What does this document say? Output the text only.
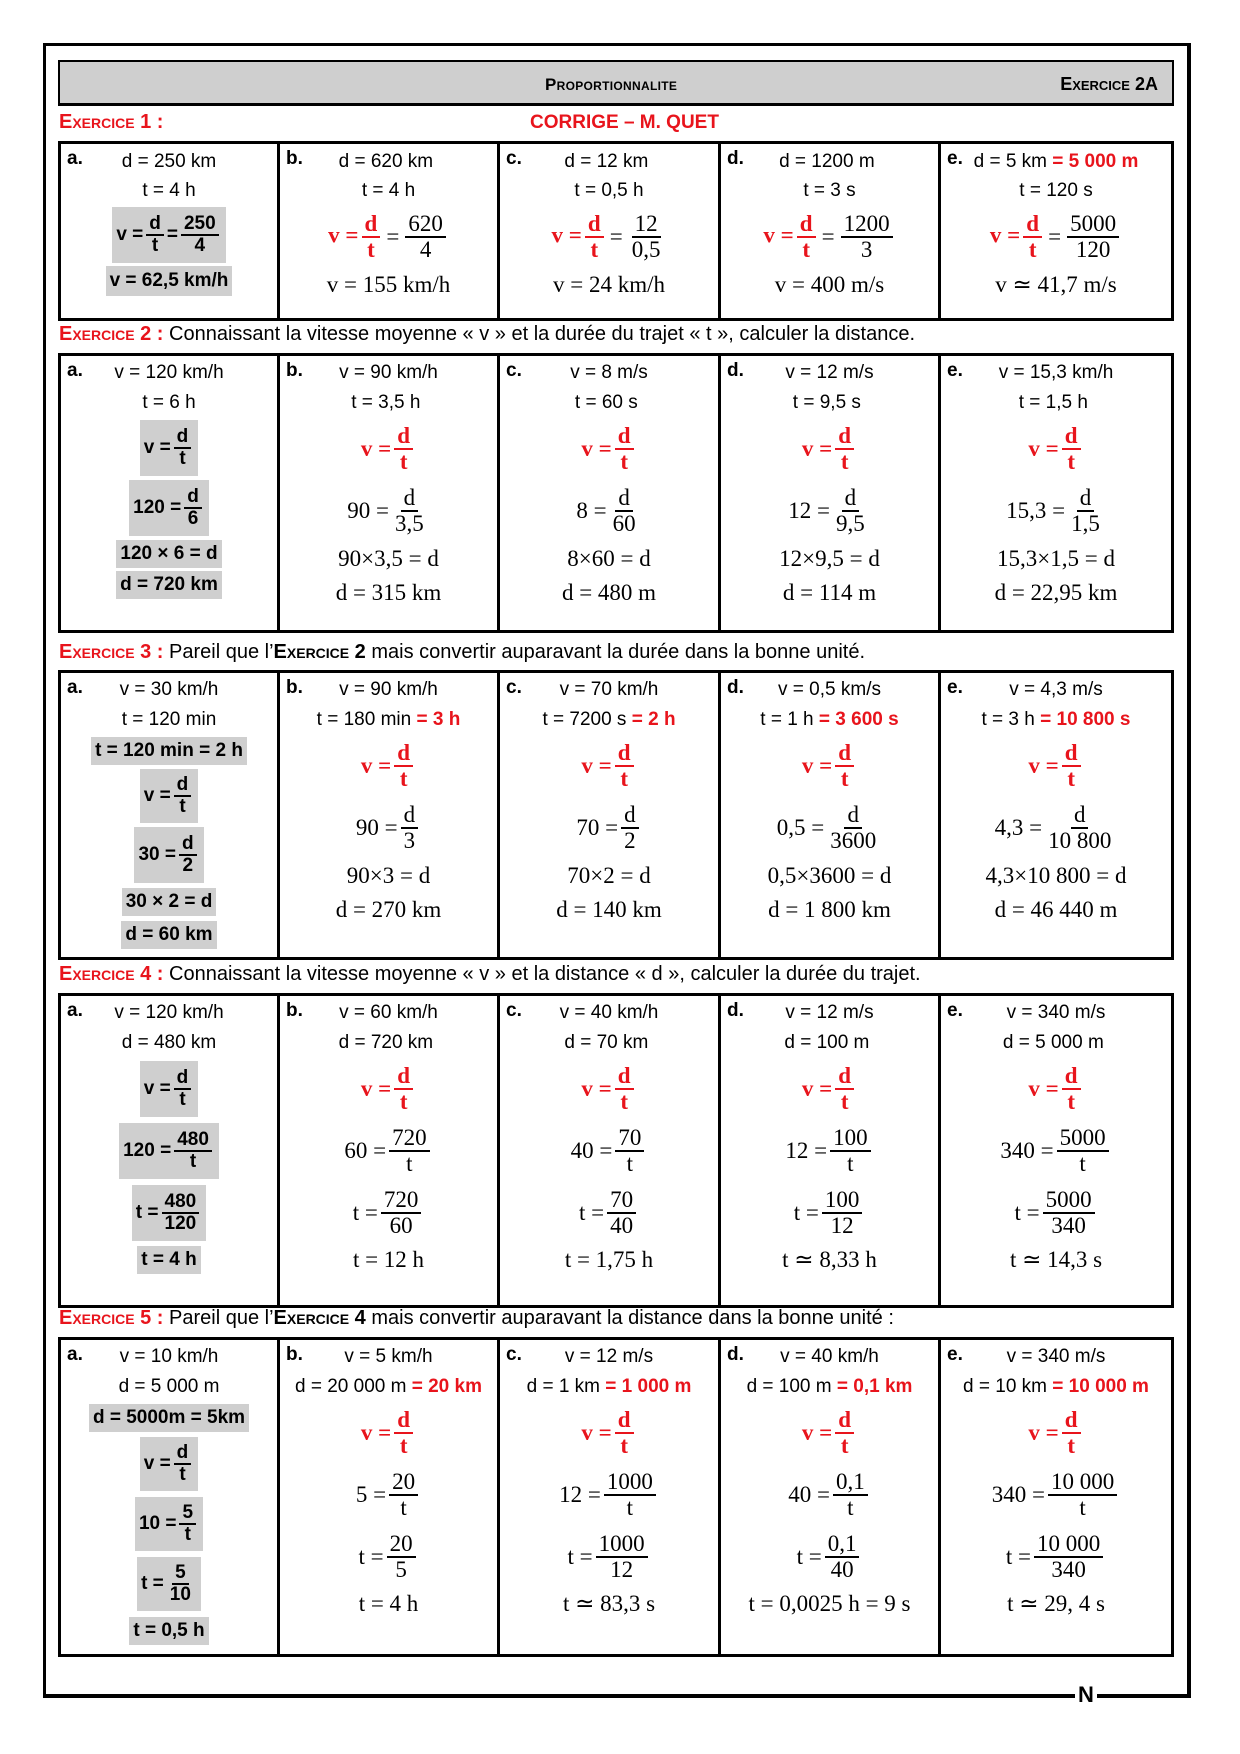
N
Proportionnalite	Exercice 2A
Exercice 1 :	CORRIGE – M. QUET
a.	d = 250 km
t = 4 h
$v = \frac{d}{t} = \frac{250}{4}$
v = 62,5 km/h

b. d = 620 km

t = 4 h
$v = \frac{d}{t} = \frac{620}{4}$
v = 155 km/h

c. d = 12 km

t = 0,5 h
$v = \frac{d}{t} = \frac{12}{0,5}$
v = 24 km/h

d. d = 1200 m

t = 3 s
$v = \frac{d}{t} = \frac{1200}{3}$
v = 400 m/s

e. d = 5 km
= 5 000 m
t = 120 s
$v = \frac{d}{t} = \frac{5000}{120}$
v ≃ 41,7 m/s
Exercice 2 : Connaissant la vitesse moyenne « v » et la durée du trajet « t », calculer la distance.
a.	v = 120 km/h
t = 6 h
$v = \frac{d}{t}$
$120 = \frac{d}{6}$
120 × 6 = d
d = 720 km

b.	v = 90 km/h
t = 3,5 h

$v = \frac{d}{t}$
$90 = \frac{d}{3,5}$
90×3,5 = d
d = 315 km

c.	v = 8 m/s
t = 60 s

$v = \frac{d}{t}$
$8 = \frac{d}{60}$
8×60 = d
d = 480 m

d.	v = 12 m/s
t = 9,5 s

$v = \frac{d}{t}$
$12 = \frac{d}{9,5}$
12×9,5 = d
d = 114 m

e.	v = 15,3 km/h
t = 1,5 h

$v = \frac{d}{t}$
$15,3 = \frac{d}{1,5}$
15,3×1,5 = d
d = 22,95 km
Exercice 3 : Pareil que l’Exercice 2 mais convertir auparavant la durée dans la bonne unité.
a.	v = 30 km/h
t = 120 min
t = 120 min = 2 h
$v = \frac{d}{t}$
$30 = \frac{d}{2}$
30 × 2 = d
d = 60 km

b.	v = 90 km/h
t = 180 min
= 3 h
$v = \frac{d}{t}$
$90 = \frac{d}{3}$
90×3 = d
d = 270 km

c.	v = 70 km/h
t = 7200 s
= 2 h
$v = \frac{d}{t}$
$70 = \frac{d}{2}$
70×2 = d
d = 140 km

d.	v = 0,5 km/s
t = 1 h
= 3 600 s
$v = \frac{d}{t}$
$0,5 = \frac{d}{3600}$
0,5×3600 = d
d = 1 800 km

e.	v = 4,3 m/s
t = 3 h
= 10 800 s
$v = \frac{d}{t}$
$4,3 = \frac{d}{10 800}$
4,3×10 800 = d
d = 46 440 m
Exercice 4 : Connaissant la vitesse moyenne « v » et la distance « d », calculer la durée du trajet.
a.	v = 120 km/h
d = 480 km
$v = \frac{d}{t}$
$120 = \frac{480}{t}$
$t = \frac{480}{120}$
t = 4 h

b.	v = 60 km/h
d = 720 km

$v = \frac{d}{t}$
$60 = \frac{720}{t}$
$t = \frac{720}{60}$
t = 12 h

c.	v = 40 km/h
d = 70 km

$v = \frac{d}{t}$
$40 = \frac{70}{t}$
$t = \frac{70}{40}$
t = 1,75 h

d.	v = 12 m/s
d = 100 m

$v = \frac{d}{t}$
$12 = \frac{100}{t}$
$t = \frac{100}{12}$
t ≃ 8,33 h

e.	v = 340 m/s
d = 5 000 m

$v = \frac{d}{t}$
$340 = \frac{5000}{t}$
$t = \frac{5000}{340}$
t ≃ 14,3 s
Exercice 5 : Pareil que l’Exercice 4 mais convertir auparavant la distance dans la bonne unité :
a.	v = 10 km/h
d = 5 000 m
d = 5000m = 5km
$v = \frac{d}{t}$
$10 = \frac{5}{t}$
$t = \frac{5}{10}$
t = 0,5 h

b.	v = 5 km/h
d = 20 000 m
= 20 km
$v = \frac{d}{t}$
$5 = \frac{20}{t}$
$t = \frac{20}{5}$
t = 4 h

c.	v = 12 m/s
d = 1 km
= 1 000 m
$v = \frac{d}{t}$
$12 = \frac{1000}{t}$
$t = \frac{1000}{12}$
t ≃ 83,3 s

d.	v = 40 km/h
d = 100 m
= 0,1 km
$v = \frac{d}{t}$
$40 = \frac{0,1}{t}$
$t = \frac{0,1}{40}$
t = 0,0025 h = 9 s

e.	v = 340 m/s
d = 10 km
= 10 000 m
$v = \frac{d}{t}$
$340 = \frac{10 000}{t}$
$t = \frac{10 000}{340}$
t ≃ 29, 4 s
